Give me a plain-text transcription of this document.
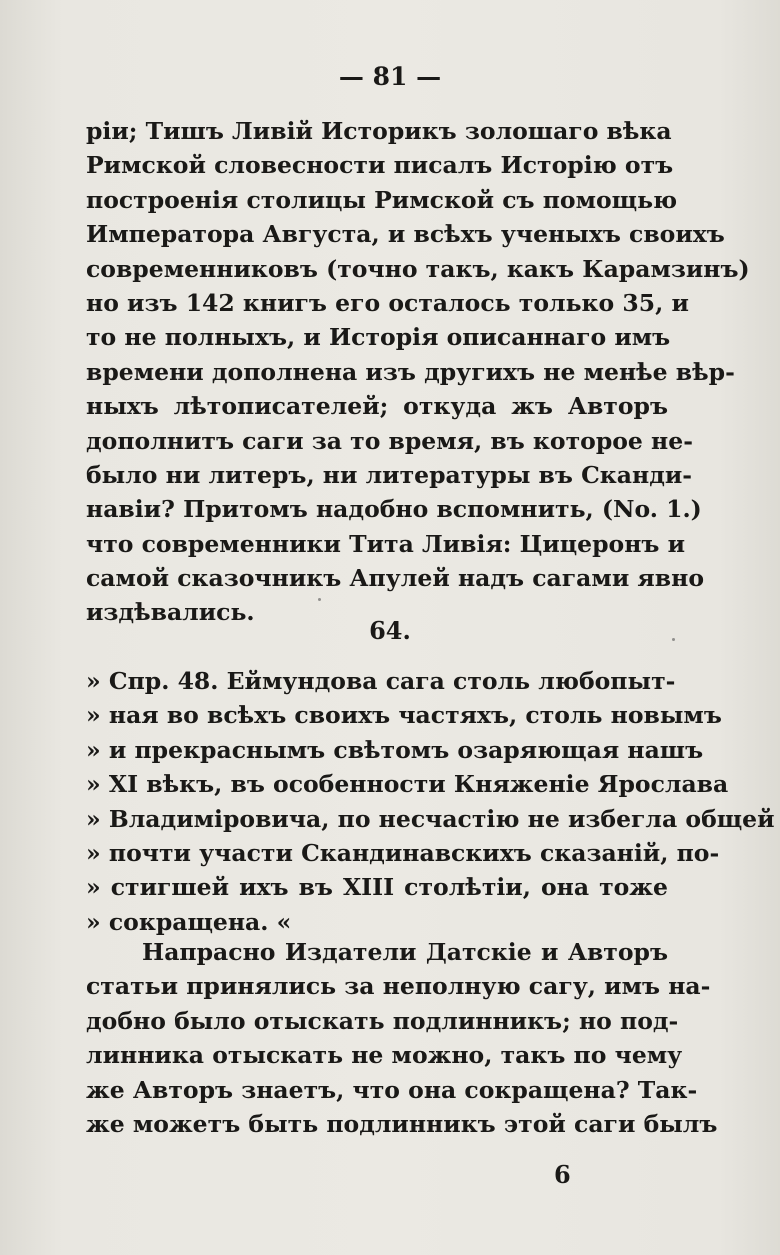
— 81 —
pіи; Тишъ Ливій Историкъ золошаго вѣка
Римской словесности писалъ Исторію отъ
построенія столицы Римской съ помощью
Императора Августа, и всѣхъ ученыхъ своихъ
современниковъ (точно такъ, какъ Карамзинъ)
но изъ 142 книгъ его осталось только 35, и
то не полныхъ, и Исторія описаннаго имъ
времени дополнена изъ другихъ не менѣе вѣр-
ныхъ лѣтописателей; откуда жъ Авторъ
дополнитъ саги за то время, въ которое не-
было ни литеръ, ни литературы въ Сканди-
навіи? Притомъ надобно вспомнить, (No. 1.)
что современники Тита Ливія: Цицеронъ и
самой сказочникъ Апулей надъ сагами явно
издѣвались.
64.
» Спр. 48. Еймундова сага столь любопыт-
» ная во всѣхъ своихъ частяхъ, столь новымъ
» и прекраснымъ свѣтомъ озаряющая нашъ
» XI вѣкъ, въ особенности Княженіе Ярослава
» Владиміровича, по несчастію не избегла общей
» почти участи Скандинавскихъ сказаній, по-
» стигшей ихъ въ XIII столѣтіи, она тоже
» сокращена. «
Напрасно Издатели Датскіе и Авторъ
статьи принялись за неполную сагу, имъ на-
добно было отыскать подлинникъ; но под-
линника отыскать не можно, такъ по чему
же Авторъ знаетъ, что она сокращена? Так-
же можетъ быть подлинникъ этой саги былъ
6
